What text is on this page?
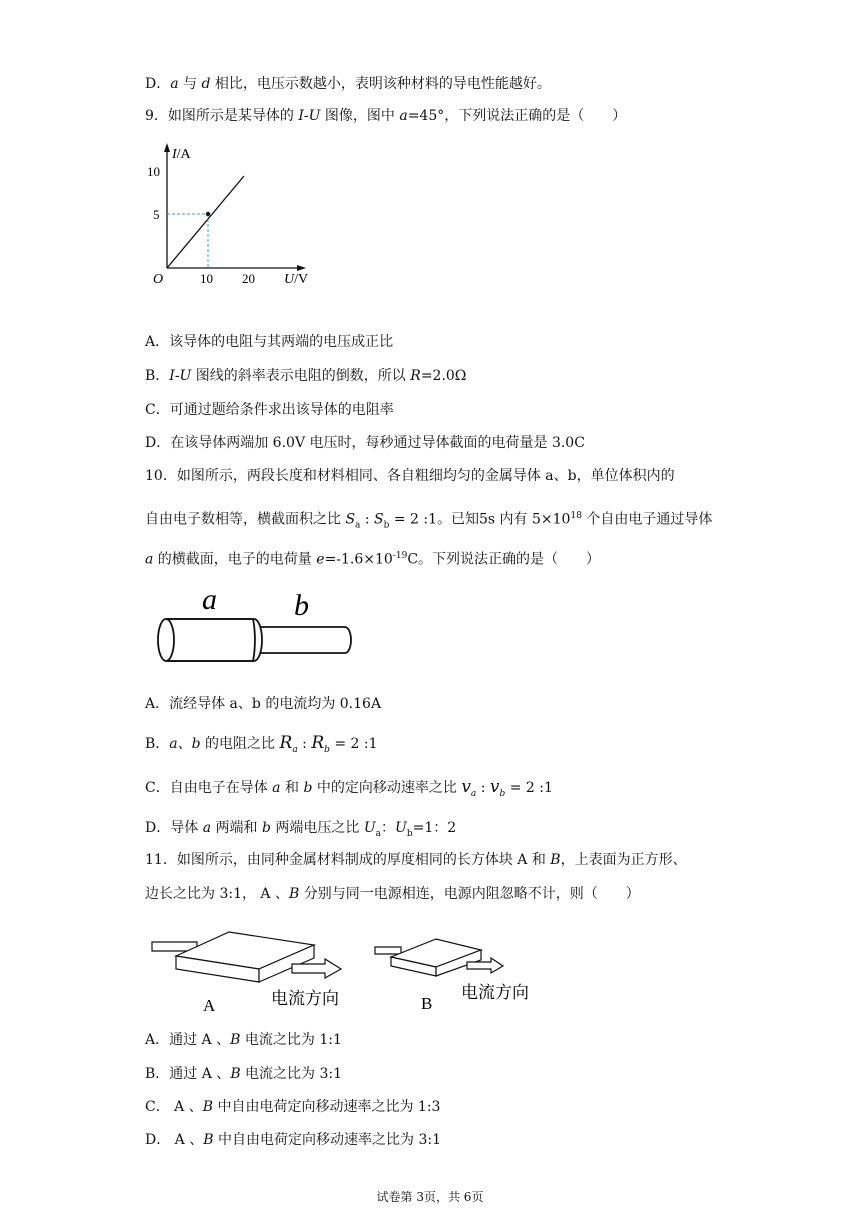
D．a 与 d 相比，电压示数越小，表明该种材料的导电性能越好。
9．如图所示是某导体的 I-U 图像，图中 a=45°，下列说法正确的是（　　）
I/A
10
5
O	10 20 U/V
A．该导体的电阻与其两端的电压成正比
B．I-U 图线的斜率表示电阻的倒数，所以 R=2.0Ω
C．可通过题给条件求出该导体的电阻率
D．在该导体两端加 6.0V 电压时，每秒通过导体截面的电荷量是 3.0C
10．如图所示，两段长度和材料相同、各自粗细均匀的金属导体 a、b，单位体积内的
自由电子数相等，横截面积之比 $S_a$ : $S_b = 2$ :1。已知5s 内有 $5\times 10^{18}$ 个自由电子通过导体
a 的横截面，电子的电荷量 $e=-1.6\times 10^{-19}C$。下列说法正确的是（　　）
a	b
A．流经导体 a、b 的电流均为 0.16A
B．a、b 的电阻之比 $R_a$ : $R_b = 2$ :1
C．自由电子在导体 a 和 b 中的定向移动速率之比 $v_a$ : $v_b = 2$ :1
D．导体 a 两端和 b 两端电压之比 $U_a$：$U_b=1$：2
11．如图所示，由同种金属材料制成的厚度相同的长方体块 A 和 B，上表面为正方形、
边长之比为 3:1， A 、B 分别与同一电源相连，电源内阻忽略不计，则（　　）
A	电流方向	B
电流方向
A．通过 A 、B 电流之比为 1:1
B．通过 A 、B 电流之比为 3:1
C． A 、B 中自由电荷定向移动速率之比为 1:3
D． A 、B 中自由电荷定向移动速率之比为 3:1
试卷第 3页，共 6页
